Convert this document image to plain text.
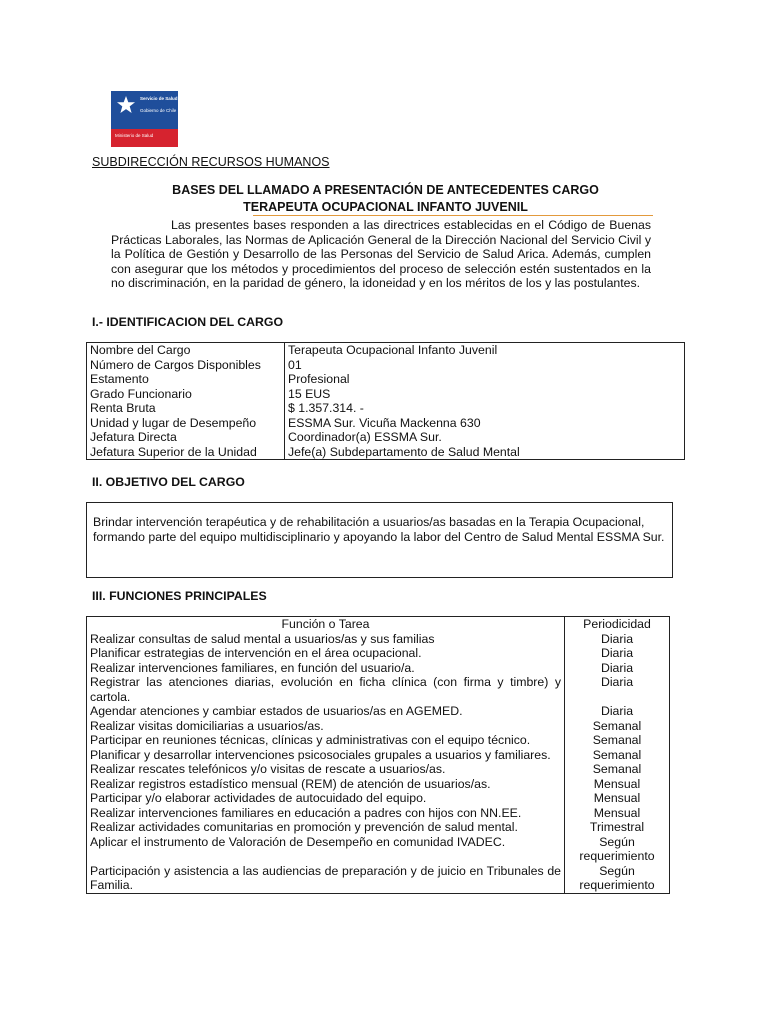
Servicio de Salud Arica
Gobierno de Chile
Ministerio de Salud
SUBDIRECCIÓN RECURSOS HUMANOS
BASES DEL LLAMADO A PRESENTACIÓN DE ANTECEDENTES CARGO
TERAPEUTA OCUPACIONAL INFANTO JUVENIL
Las presentes bases responden a las directrices establecidas en el Código de Buenas Prácticas Laborales, las Normas de Aplicación General de la Dirección Nacional del Servicio Civil y la Política de Gestión y Desarrollo de las Personas del Servicio de Salud Arica. Además, cumplen con asegurar que los métodos y procedimientos del proceso de selección estén sustentados en la no discriminación, en la paridad de género, la idoneidad y en los méritos de los y las postulantes.
I.- IDENTIFICACION DEL CARGO
Nombre del Cargo	Terapeuta Ocupacional Infanto Juvenil
Número de Cargos Disponibles	01
Estamento	Profesional
Grado Funcionario	15 EUS
Renta Bruta	$ 1.357.314. -
Unidad y lugar de Desempeño	ESSMA Sur. Vicuña Mackenna 630
Jefatura Directa	Coordinador(a) ESSMA Sur.
Jefatura Superior de la Unidad	Jefe(a) Subdepartamento de Salud Mental
II. OBJETIVO DEL CARGO
Brindar intervención terapéutica y de rehabilitación a usuarios/as basadas en la Terapia Ocupacional, formando parte del equipo multidisciplinario y apoyando la labor del Centro de Salud Mental ESSMA Sur.
III. FUNCIONES PRINCIPALES
Función o Tarea	Periodicidad
Realizar consultas de salud mental a usuarios/as y sus familias	Diaria
Planificar estrategias de intervención en el área ocupacional.	Diaria
Realizar intervenciones familiares, en función del usuario/a.	Diaria
Registrar las atenciones diarias, evolución en ficha clínica (con firma y timbre) y cartola.	Diaria
Agendar atenciones y cambiar estados de usuarios/as en AGEMED.	Diaria
Realizar visitas domiciliarias a usuarios/as.	Semanal
Participar en reuniones técnicas, clínicas y administrativas con el equipo técnico.	Semanal
Planificar y desarrollar intervenciones psicosociales grupales a usuarios y familiares.	Semanal
Realizar rescates telefónicos y/o visitas de rescate a usuarios/as.	Semanal
Realizar registros estadístico mensual (REM) de atención de usuarios/as.	Mensual
Participar y/o elaborar actividades de autocuidado del equipo.	Mensual
Realizar intervenciones familiares en educación a padres con hijos con NN.EE.	Mensual
Realizar actividades comunitarias en promoción y prevención de salud mental.	Trimestral
Aplicar el instrumento de Valoración de Desempeño en comunidad IVADEC.	Según requerimiento
Participación y asistencia a las audiencias de preparación y de juicio en Tribunales de Familia.	Según requerimiento
